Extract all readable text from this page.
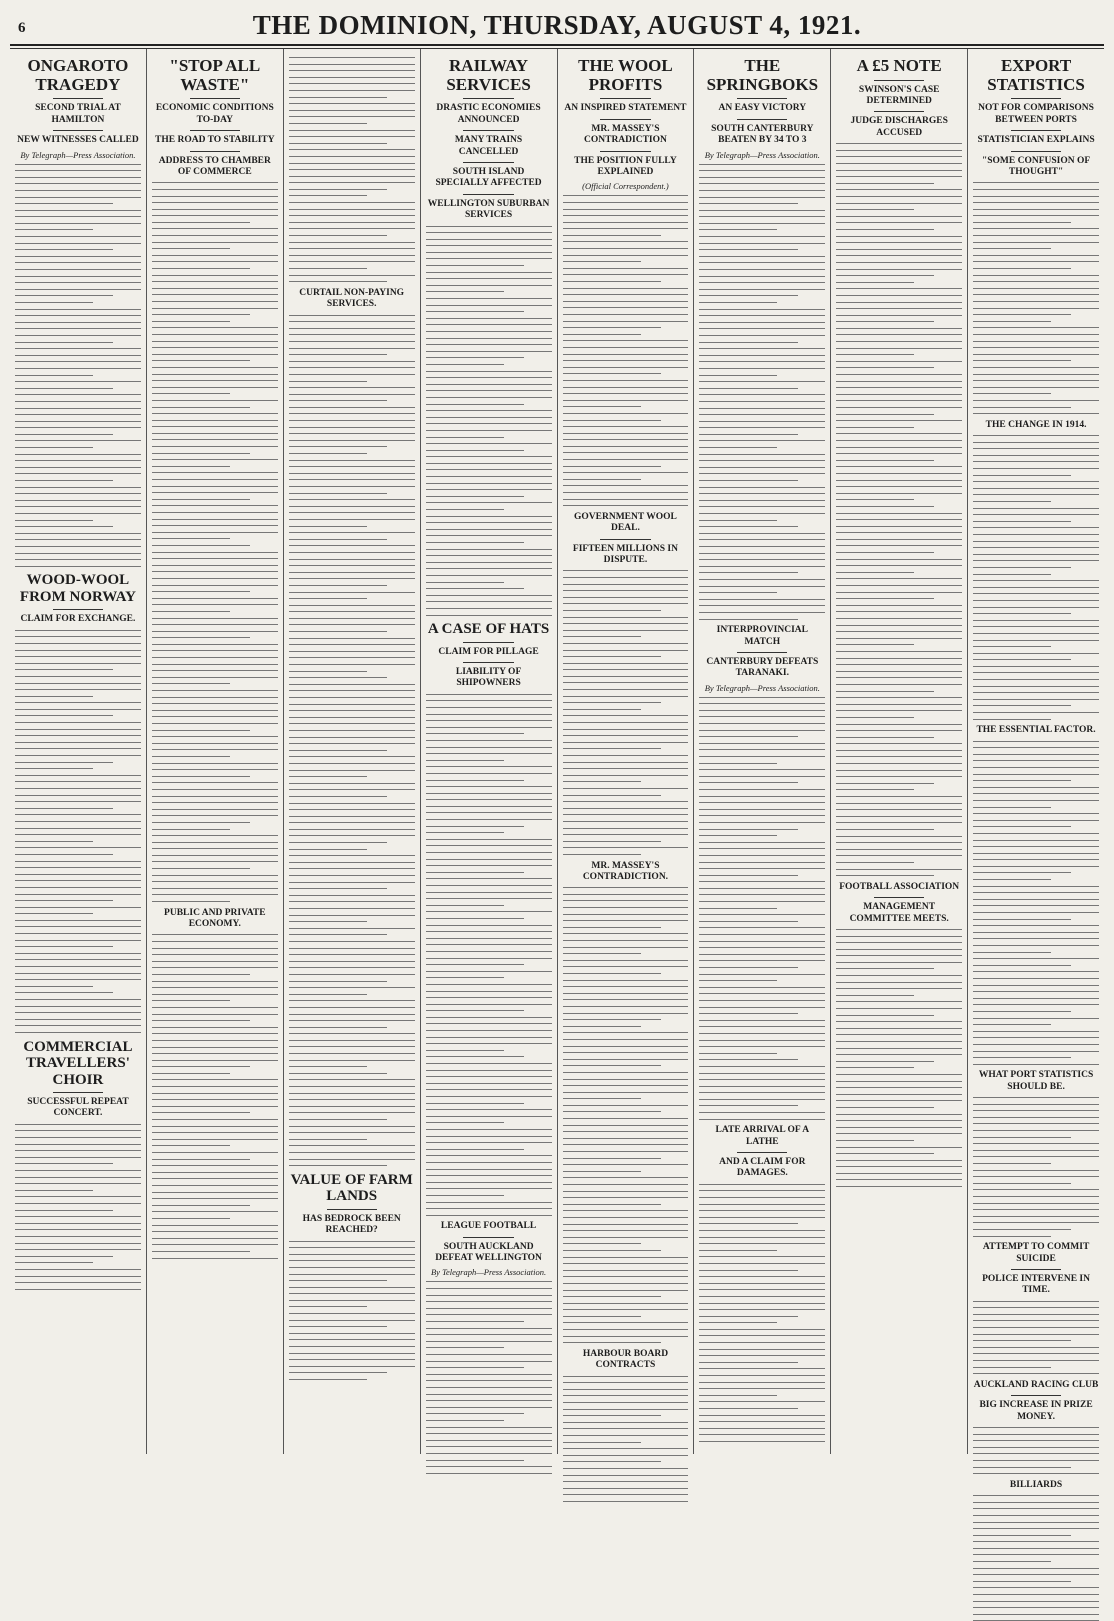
6	THE DOMINION, THURSDAY, AUGUST 4, 1921.
ONGAROTO TRAGEDY
SECOND TRIAL AT HAMILTON
NEW WITNESSES CALLED
By Telegraph—Press Association.
WOOD-WOOL FROM NORWAY
CLAIM FOR EXCHANGE.
COMMERCIAL TRAVELLERS' CHOIR
SUCCESSFUL REPEAT CONCERT.
"STOP ALL WASTE"
ECONOMIC CONDITIONS TO-DAY
THE ROAD TO STABILITY
ADDRESS TO CHAMBER OF COMMERCE
PUBLIC AND PRIVATE ECONOMY.
CURTAIL NON-PAYING SERVICES.
VALUE OF FARM LANDS
HAS BEDROCK BEEN REACHED?
RAILWAY SERVICES
DRASTIC ECONOMIES ANNOUNCED
MANY TRAINS CANCELLED
SOUTH ISLAND SPECIALLY AFFECTED
WELLINGTON SUBURBAN SERVICES
A CASE OF HATS
CLAIM FOR PILLAGE
LIABILITY OF SHIPOWNERS
LEAGUE FOOTBALL
SOUTH AUCKLAND DEFEAT WELLINGTON
By Telegraph—Press Association.
THE WOOL PROFITS
AN INSPIRED STATEMENT
MR. MASSEY'S CONTRADICTION
THE POSITION FULLY EXPLAINED
(Official Correspondent.)
GOVERNMENT WOOL DEAL.
FIFTEEN MILLIONS IN DISPUTE.
MR. MASSEY'S CONTRADICTION.
HARBOUR BOARD CONTRACTS
THE SPRINGBOKS
AN EASY VICTORY
SOUTH CANTERBURY BEATEN BY 34 TO 3
By Telegraph—Press Association.
INTERPROVINCIAL MATCH
CANTERBURY DEFEATS TARANAKI.
By Telegraph—Press Association.
LATE ARRIVAL OF A LATHE
AND A CLAIM FOR DAMAGES.
A £5 NOTE
SWINSON'S CASE DETERMINED
JUDGE DISCHARGES ACCUSED
FOOTBALL ASSOCIATION
MANAGEMENT COMMITTEE MEETS.
EXPORT STATISTICS
NOT FOR COMPARISONS BETWEEN PORTS
STATISTICIAN EXPLAINS
"SOME CONFUSION OF THOUGHT"
THE CHANGE IN 1914.
THE ESSENTIAL FACTOR.
WHAT PORT STATISTICS SHOULD BE.
ATTEMPT TO COMMIT SUICIDE
POLICE INTERVENE IN TIME.
AUCKLAND RACING CLUB
BIG INCREASE IN PRIZE MONEY.
BILLIARDS
